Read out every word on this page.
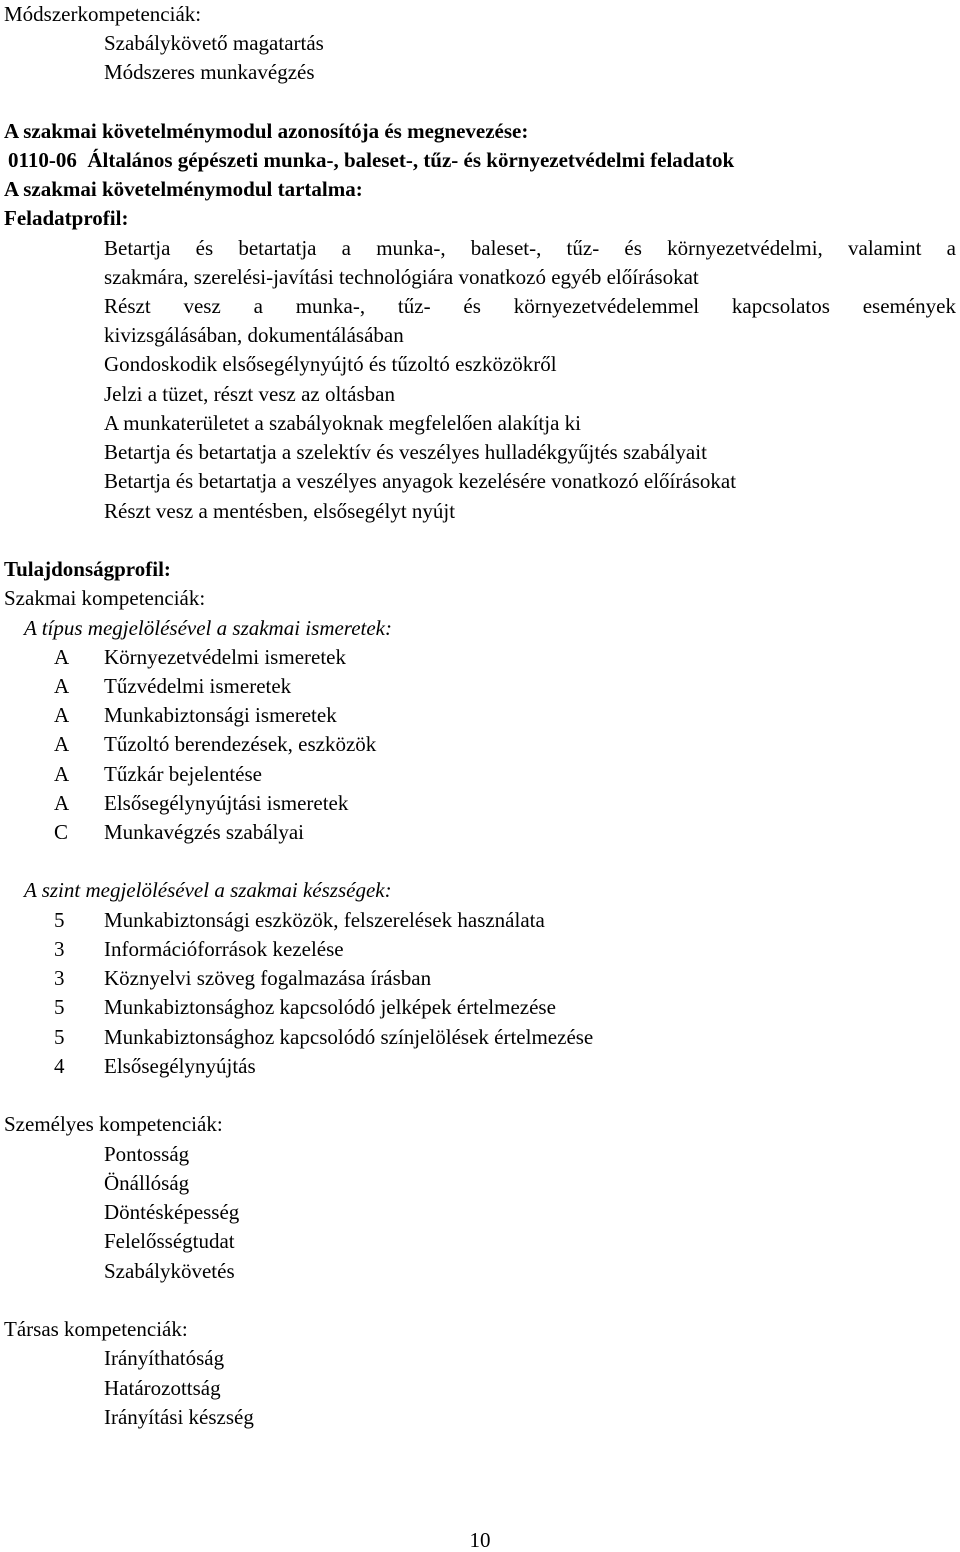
Módszerkompetenciák:
Szabálykövető magatartás
Módszeres munkavégzés
A szakmai követelménymodul azonosítója és megnevezése:
0110-06  Általános gépészeti munka-, baleset-, tűz- és környezetvédelmi feladatok
A szakmai követelménymodul tartalma:
Feladatprofil:
Betartja és betartatja a munka-, baleset-, tűz- és környezetvédelmi, valamint a
szakmára, szerelési-javítási technológiára vonatkozó egyéb előírásokat
Részt vesz a munka-, tűz- és környezetvédelemmel kapcsolatos események
kivizsgálásában, dokumentálásában
Gondoskodik elsősegélynyújtó és tűzoltó eszközökről
Jelzi a tüzet, részt vesz az oltásban
A munkaterületet a szabályoknak megfelelően alakítja ki
Betartja és betartatja a szelektív és veszélyes hulladékgyűjtés szabályait
Betartja és betartatja a veszélyes anyagok kezelésére vonatkozó előírásokat
Részt vesz a mentésben, elsősegélyt nyújt
Tulajdonságprofil:
Szakmai kompetenciák:
A típus megjelölésével a szakmai ismeretek:
A Környezetvédelmi ismeretek
A Tűzvédelmi ismeretek
A Munkabiztonsági ismeretek
A Tűzoltó berendezések, eszközök
A Tűzkár bejelentése
A Elsősegélynyújtási ismeretek
C Munkavégzés szabályai
A szint megjelölésével a szakmai készségek:
5	Munkabiztonsági eszközök, felszerelések használata
3	Információforrások kezelése
3	Köznyelvi szöveg fogalmazása írásban
5	Munkabiztonsághoz kapcsolódó jelképek értelmezése
5	Munkabiztonsághoz kapcsolódó színjelölések értelmezése
4	Elsősegélynyújtás
Személyes kompetenciák:
Pontosság
Önállóság
Döntésképesség
Felelősségtudat
Szabálykövetés
Társas kompetenciák:
Irányíthatóság
Határozottság
Irányítási készség
10
